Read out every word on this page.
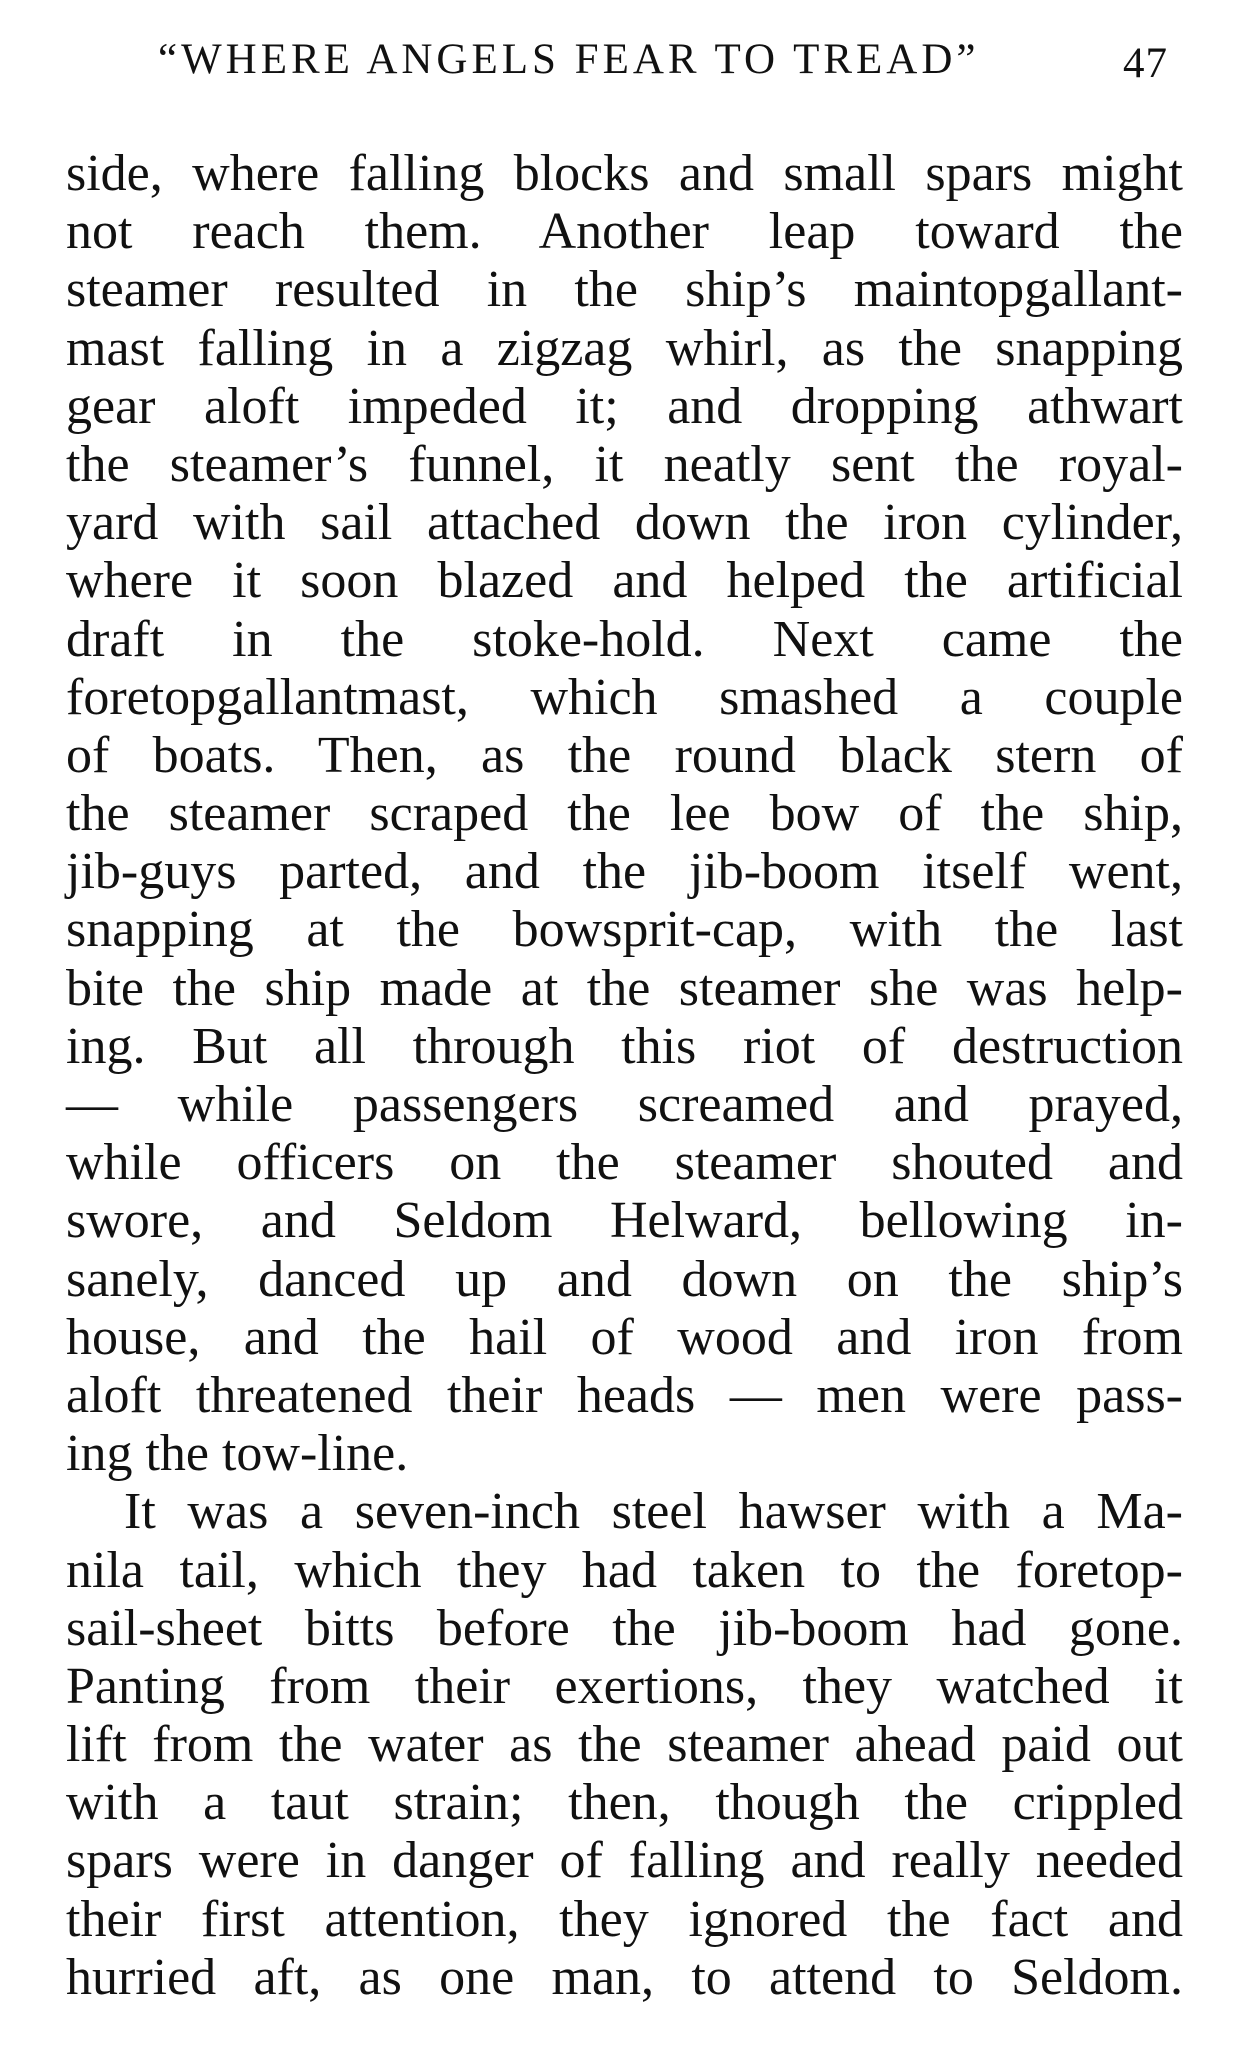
“WHERE ANGELS FEAR TO TREAD”	47
side, where falling blocks and small spars might
not reach them. Another leap toward the
steamer resulted in the ship’s maintopgallant-
mast falling in a zigzag whirl, as the snapping
gear aloft impeded it; and dropping athwart
the steamer’s funnel, it neatly sent the royal-
yard with sail attached down the iron cylinder,
where it soon blazed and helped the artificial
draft in the stoke-hold. Next came the
foretopgallantmast, which smashed a couple
of boats. Then, as the round black stern of
the steamer scraped the lee bow of the ship,
jib-guys parted, and the jib-boom itself went,
snapping at the bowsprit-cap, with the last
bite the ship made at the steamer she was help-
ing. But all through this riot of destruction
— while passengers screamed and prayed,
while officers on the steamer shouted and
swore, and Seldom Helward, bellowing in-
sanely, danced up and down on the ship’s
house, and the hail of wood and iron from
aloft threatened their heads — men were pass-
ing the tow-line.
It was a seven-inch steel hawser with a Ma-
nila tail, which they had taken to the foretop-
sail-sheet bitts before the jib-boom had gone.
Panting from their exertions, they watched it
lift from the water as the steamer ahead paid out
with a taut strain; then, though the crippled
spars were in danger of falling and really needed
their first attention, they ignored the fact and
hurried aft, as one man, to attend to Seldom.
